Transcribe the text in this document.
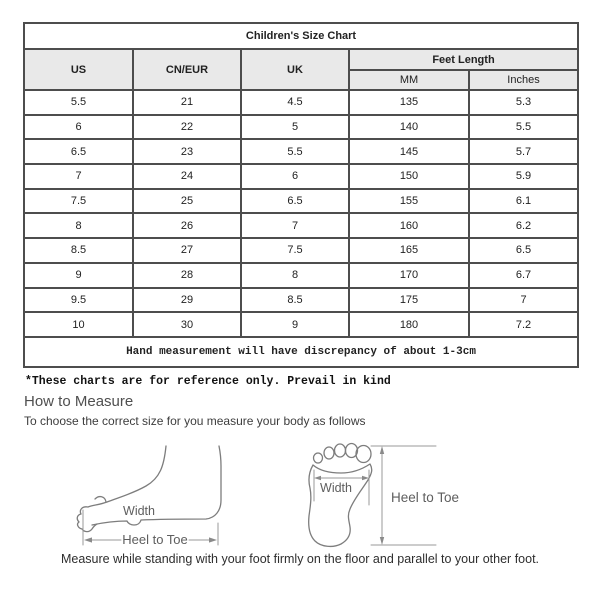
Children's Size Chart				
US	CN/EUR	UK	Feet Length	
			MM	Inches
5.5	21	4.5	135	5.3
6	22	5	140	5.5
6.5	23	5.5	145	5.7
7	24	6	150	5.9
7.5	25	6.5	155	6.1
8	26	7	160	6.2
8.5	27	7.5	165	6.5
9	28	8	170	6.7
9.5	29	8.5	175	7
10	30	9	180	7.2
Hand measurement will have discrepancy of about 1-3cm				
*These charts are for reference only. Prevail in kind
How to Measure
To choose the correct size for you measure your body as follows
Width
Heel to Toe
Width
Heel to Toe
Measure while standing with your foot firmly on the floor and parallel to your other foot.
